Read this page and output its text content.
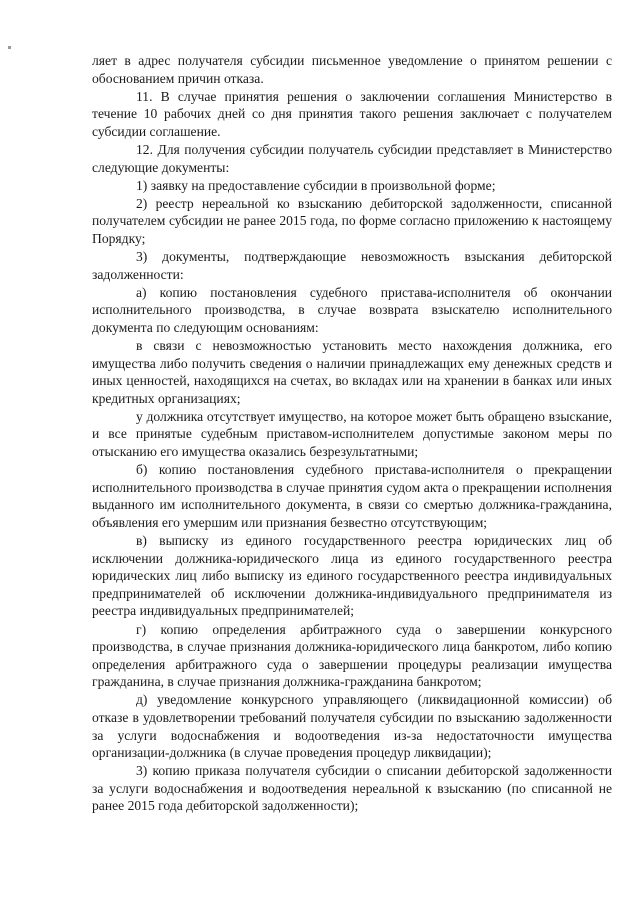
ляет в адрес получателя субсидии письменное уведомление о принятом решении с обоснованием причин отказа.

11. В случае принятия решения о заключении соглашения Министерство в течение 10 рабочих дней со дня принятия такого решения заключает с получателем субсидии соглашение.

12. Для получения субсидии получатель субсидии представляет в Министерство следующие документы:

1) заявку на предоставление субсидии в произвольной форме;

2) реестр нереальной ко взысканию дебиторской задолженности, списанной получателем субсидии не ранее 2015 года, по форме согласно приложению к настоящему Порядку;

3) документы, подтверждающие невозможность взыскания дебиторской задолженности:

а) копию постановления судебного пристава-исполнителя об окончании исполнительного производства, в случае возврата взыскателю исполнительного документа по следующим основаниям:

в связи с невозможностью установить место нахождения должника, его имущества либо получить сведения о наличии принадлежащих ему денежных средств и иных ценностей, находящихся на счетах, во вкладах или на хранении в банках или иных кредитных организациях;

у должника отсутствует имущество, на которое может быть обращено взыскание, и все принятые судебным приставом-исполнителем допустимые законом меры по отысканию его имущества оказались безрезультатными;

б) копию постановления судебного пристава-исполнителя о прекращении исполнительного производства в случае принятия судом акта о прекращении исполнения выданного им исполнительного документа, в связи со смертью должника-гражданина, объявления его умершим или признания безвестно отсутствующим;

в) выписку из единого государственного реестра юридических лиц об исключении должника-юридического лица из единого государственного реестра юридических лиц либо выписку из единого государственного реестра индивидуальных предпринимателей об исключении должника-индивидуального предпринимателя из реестра индивидуальных предпринимателей;

г) копию определения арбитражного суда о завершении конкурсного производства, в случае признания должника-юридического лица банкротом, либо копию определения арбитражного суда о завершении процедуры реализации имущества гражданина, в случае признания должника-гражданина банкротом;

д) уведомление конкурсного управляющего (ликвидационной комиссии) об отказе в удовлетворении требований получателя субсидии по взысканию задолженности за услуги водоснабжения и водоотведения из-за недостаточности имущества организации-должника (в случае проведения процедур ликвидации);

3) копию приказа получателя субсидии о списании дебиторской задолженности за услуги водоснабжения и водоотведения нереальной к взысканию (по списанной не ранее 2015 года дебиторской задолженности);
